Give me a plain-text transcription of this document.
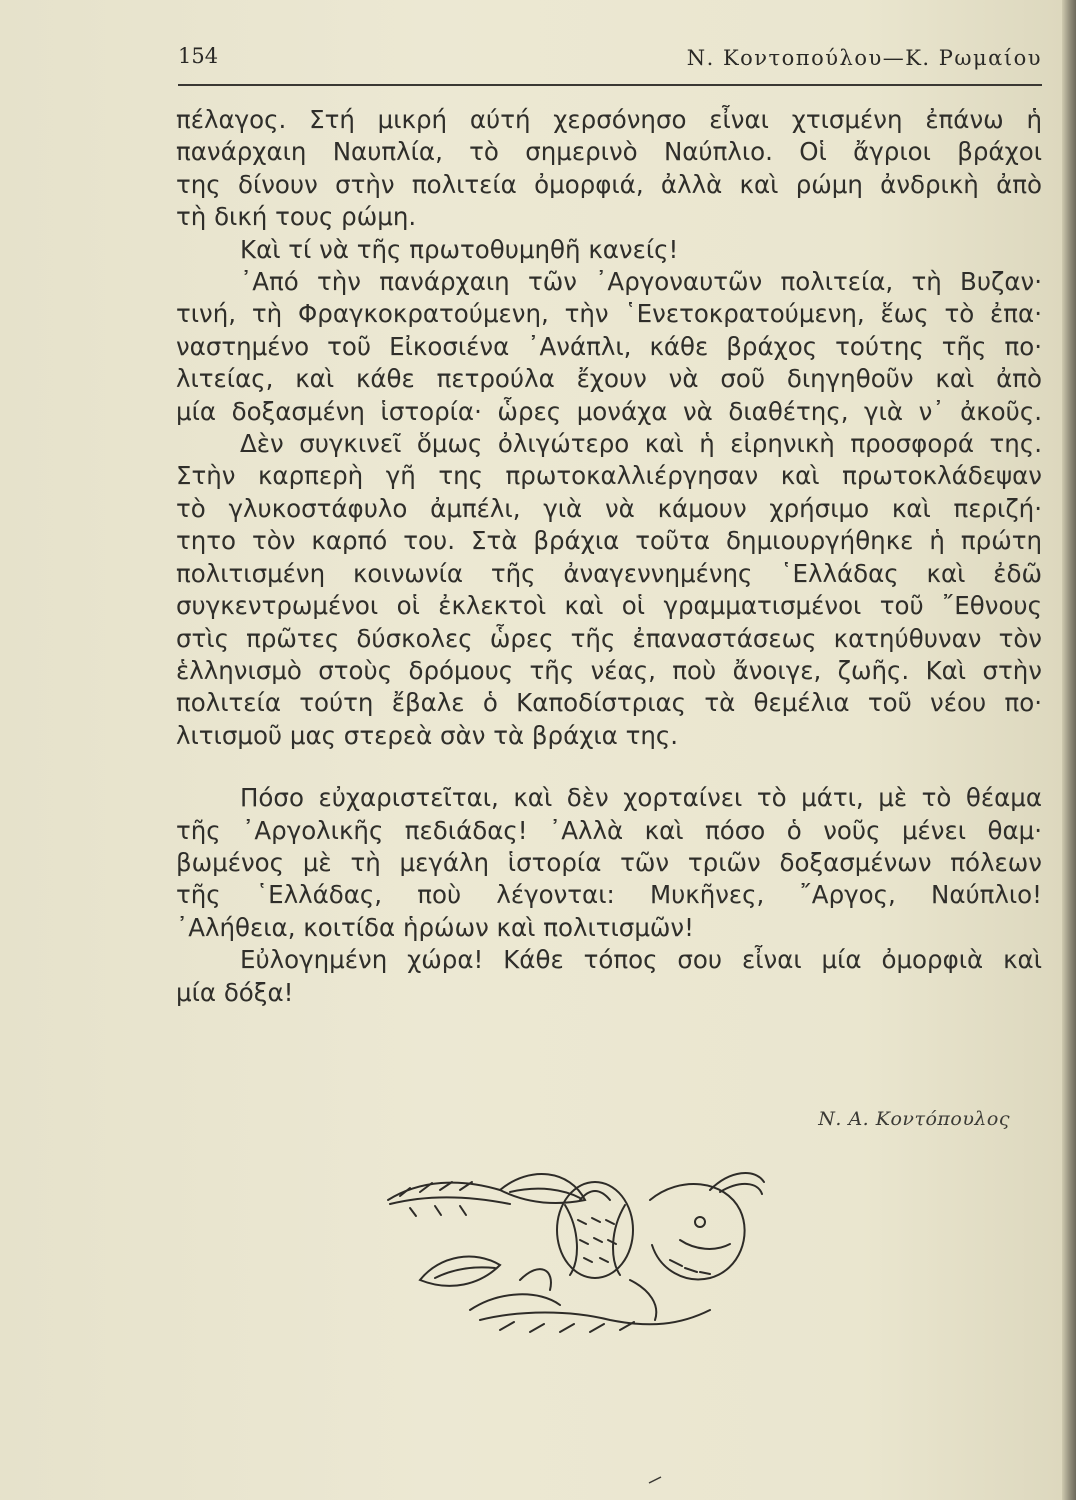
154	Ν. Κοντοπούλου—Κ. Ρωμαίου
πέλαγος. Στή μικρή αύτή χερσόνησο εἶναι χτισμένη ἐπάνω ἡ
πανάρχαιη Ναυπλία, τὸ σημερινὸ Ναύπλιο. Οἱ ἄγριοι βράχοι
της δίνουν στὴν πολιτεία ὀμορφιά, ἀλλὰ καὶ ρώμη ἀνδρικὴ ἀπὸ
τὴ δική τους ρώμη.
Καὶ τί νὰ τῆς πρωτοθυμηθῆ κανείς!
᾿Από τὴν πανάρχαιη τῶν ᾿Αργοναυτῶν πολιτεία, τὴ Βυζαν·
τινή, τὴ Φραγκοκρατούμενη, τὴν ῾Ενετοκρατούμενη, ἕως τὸ ἐπα·
ναστημένο τοῦ Εἰκοσιένα ᾿Ανάπλι, κάθε βράχος τούτης τῆς πο·
λιτείας, καὶ κάθε πετρούλα ἔχουν νὰ σοῦ διηγηθοῦν καὶ ἀπὸ
μία δοξασμένη ἱστορία· ὧρες μονάχα νὰ διαθέτης, γιὰ ν᾿ ἀκοῦς.
Δὲν συγκινεῖ ὅμως ὀλιγώτερο καὶ ἡ εἰρηνικὴ προσφορά της.
Στὴν καρπερὴ γῆ της πρωτοκαλλιέργησαν καὶ πρωτοκλάδεψαν
τὸ γλυκοστάφυλο ἀμπέλι, γιὰ νὰ κάμουν χρήσιμο καὶ περιζή·
τητο τὸν καρπό του. Στὰ βράχια τοῦτα δημιουργήθηκε ἡ πρώτη
πολιτισμένη κοινωνία τῆς ἀναγεννημένης ῾Ελλάδας καὶ ἐδῶ
συγκεντρωμένοι οἱ ἐκλεκτοὶ καὶ οἱ γραμματισμένοι τοῦ ῎Εθνους
στὶς πρῶτες δύσκολες ὧρες τῆς ἐπαναστάσεως κατηύθυναν τὸν
ἑλληνισμὸ στοὺς δρόμους τῆς νέας, ποὺ ἄνοιγε, ζωῆς. Καὶ στὴν
πολιτεία τούτη ἔβαλε ὁ Καποδίστριας τὰ θεμέλια τοῦ νέου πο·
λιτισμοῦ μας στερεὰ σὰν τὰ βράχια της.
Πόσο εὐχαριστεῖται, καὶ δὲν χορταίνει τὸ μάτι, μὲ τὸ θέαμα
τῆς ᾿Αργολικῆς πεδιάδας! ᾿Αλλὰ καὶ πόσο ὁ νοῦς μένει θαμ·
βωμένος μὲ τὴ μεγάλη ἱστορία τῶν τριῶν δοξασμένων πόλεων
τῆς ῾Ελλάδας, ποὺ λέγονται: Μυκῆνες, ῎Αργος, Ναύπλιο!
᾿Αλήθεια, κοιτίδα ἡρώων καὶ πολιτισμῶν!
Εὐλογημένη χώρα! Κάθε τόπος σου εἶναι μία ὀμορφιὰ καὶ
μία δόξα!
Ν. Α. Κοντόπουλος
